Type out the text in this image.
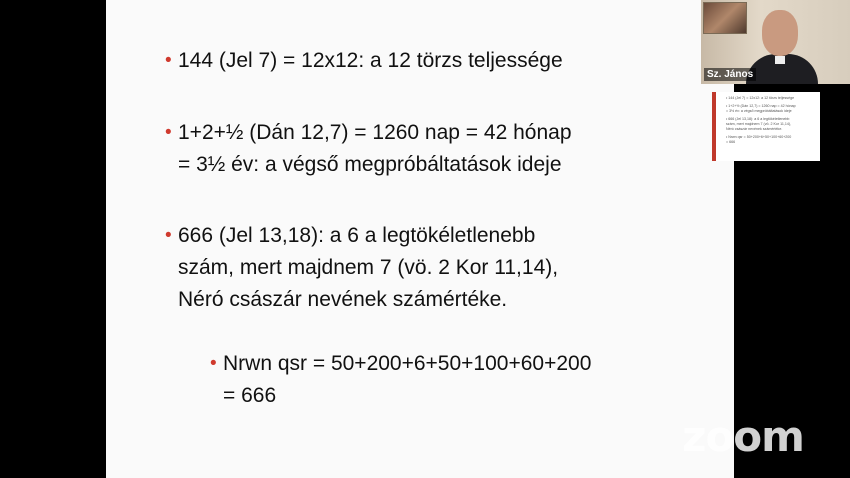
• 144 (Jel 7) = 12x12: a 12 törzs teljessége
• 1+2+½ (Dán 12,7) = 1260 nap = 42 hónap
= 3½ év: a végső megpróbáltatások ideje
• 666 (Jel 13,18): a 6 a legtökéletlenebb
szám, mert majdnem 7 (vö. 2 Kor 11,14),
Néró császár nevének számértéke.
• Nrwn qsr = 50+200+6+50+100+60+200
= 666
zoom
Sz. János
• 144 (Jel 7) = 12x12: a 12 törzs teljessége
• 1+2+½ (Dán 12,7) = 1260 nap = 42 hónap
= 3½ év: a végső megpróbáltatások ideje
• 666 (Jel 13,18): a 6 a legtökéletlenebb
szám, mert majdnem 7 (vö. 2 Kor 11,14),
Néró császár nevének számértéke.
• Nrwn qsr = 50+200+6+50+100+60+200
= 666
